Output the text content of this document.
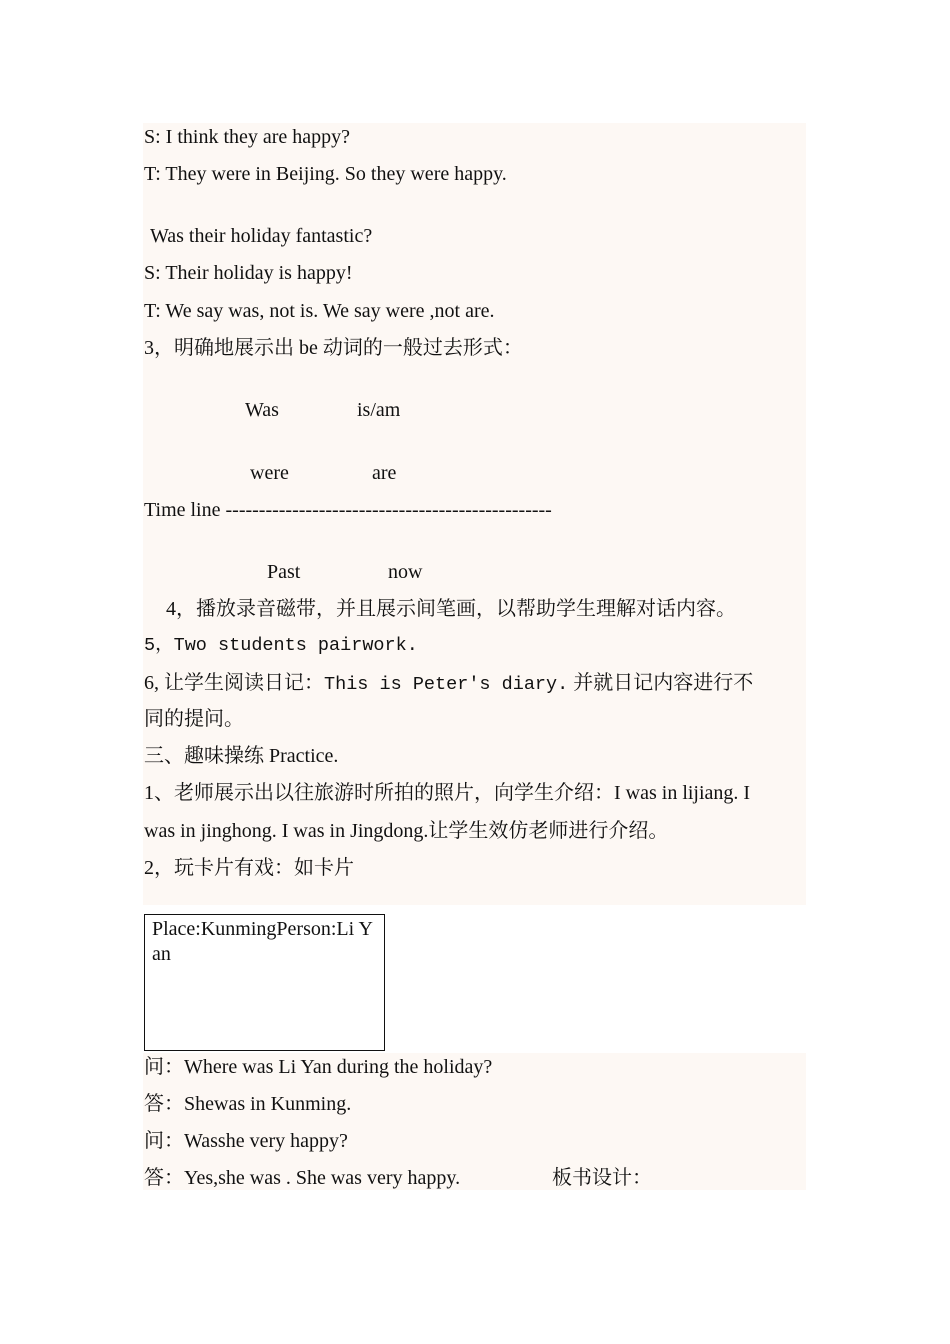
S: I think they are happy?
T: They were in Beijing. So they were happy.
Was their holiday fantastic?
S: Their holiday is happy!
T: We say was, not is. We say were ,not are.
3，明确地展示出 be 动词的一般过去形式：
Was	is/am
were	are
Time line -------------------------------------------------
Past	now
4，播放录音磁带，并且展示间笔画，以帮助学生理解对话内容。
5，Two students pairwork.
6, 让学生阅读日记：This is Peter′s diary. 并就日记内容进行不
同的提问。
三、趣味操练 Practice.
1、老师展示出以往旅游时所拍的照片，向学生介绍：I was in lijiang. I
was in jinghong. I was in Jingdong.让学生效仿老师进行介绍。
2，玩卡片有戏：如卡片
Place:KunmingPerson:Li Yan
问：Where was Li Yan during the holiday?
答：Shewas in Kunming.
问：Wasshe very happy?
答：Yes,she was . She was very happy.	板书设计：
